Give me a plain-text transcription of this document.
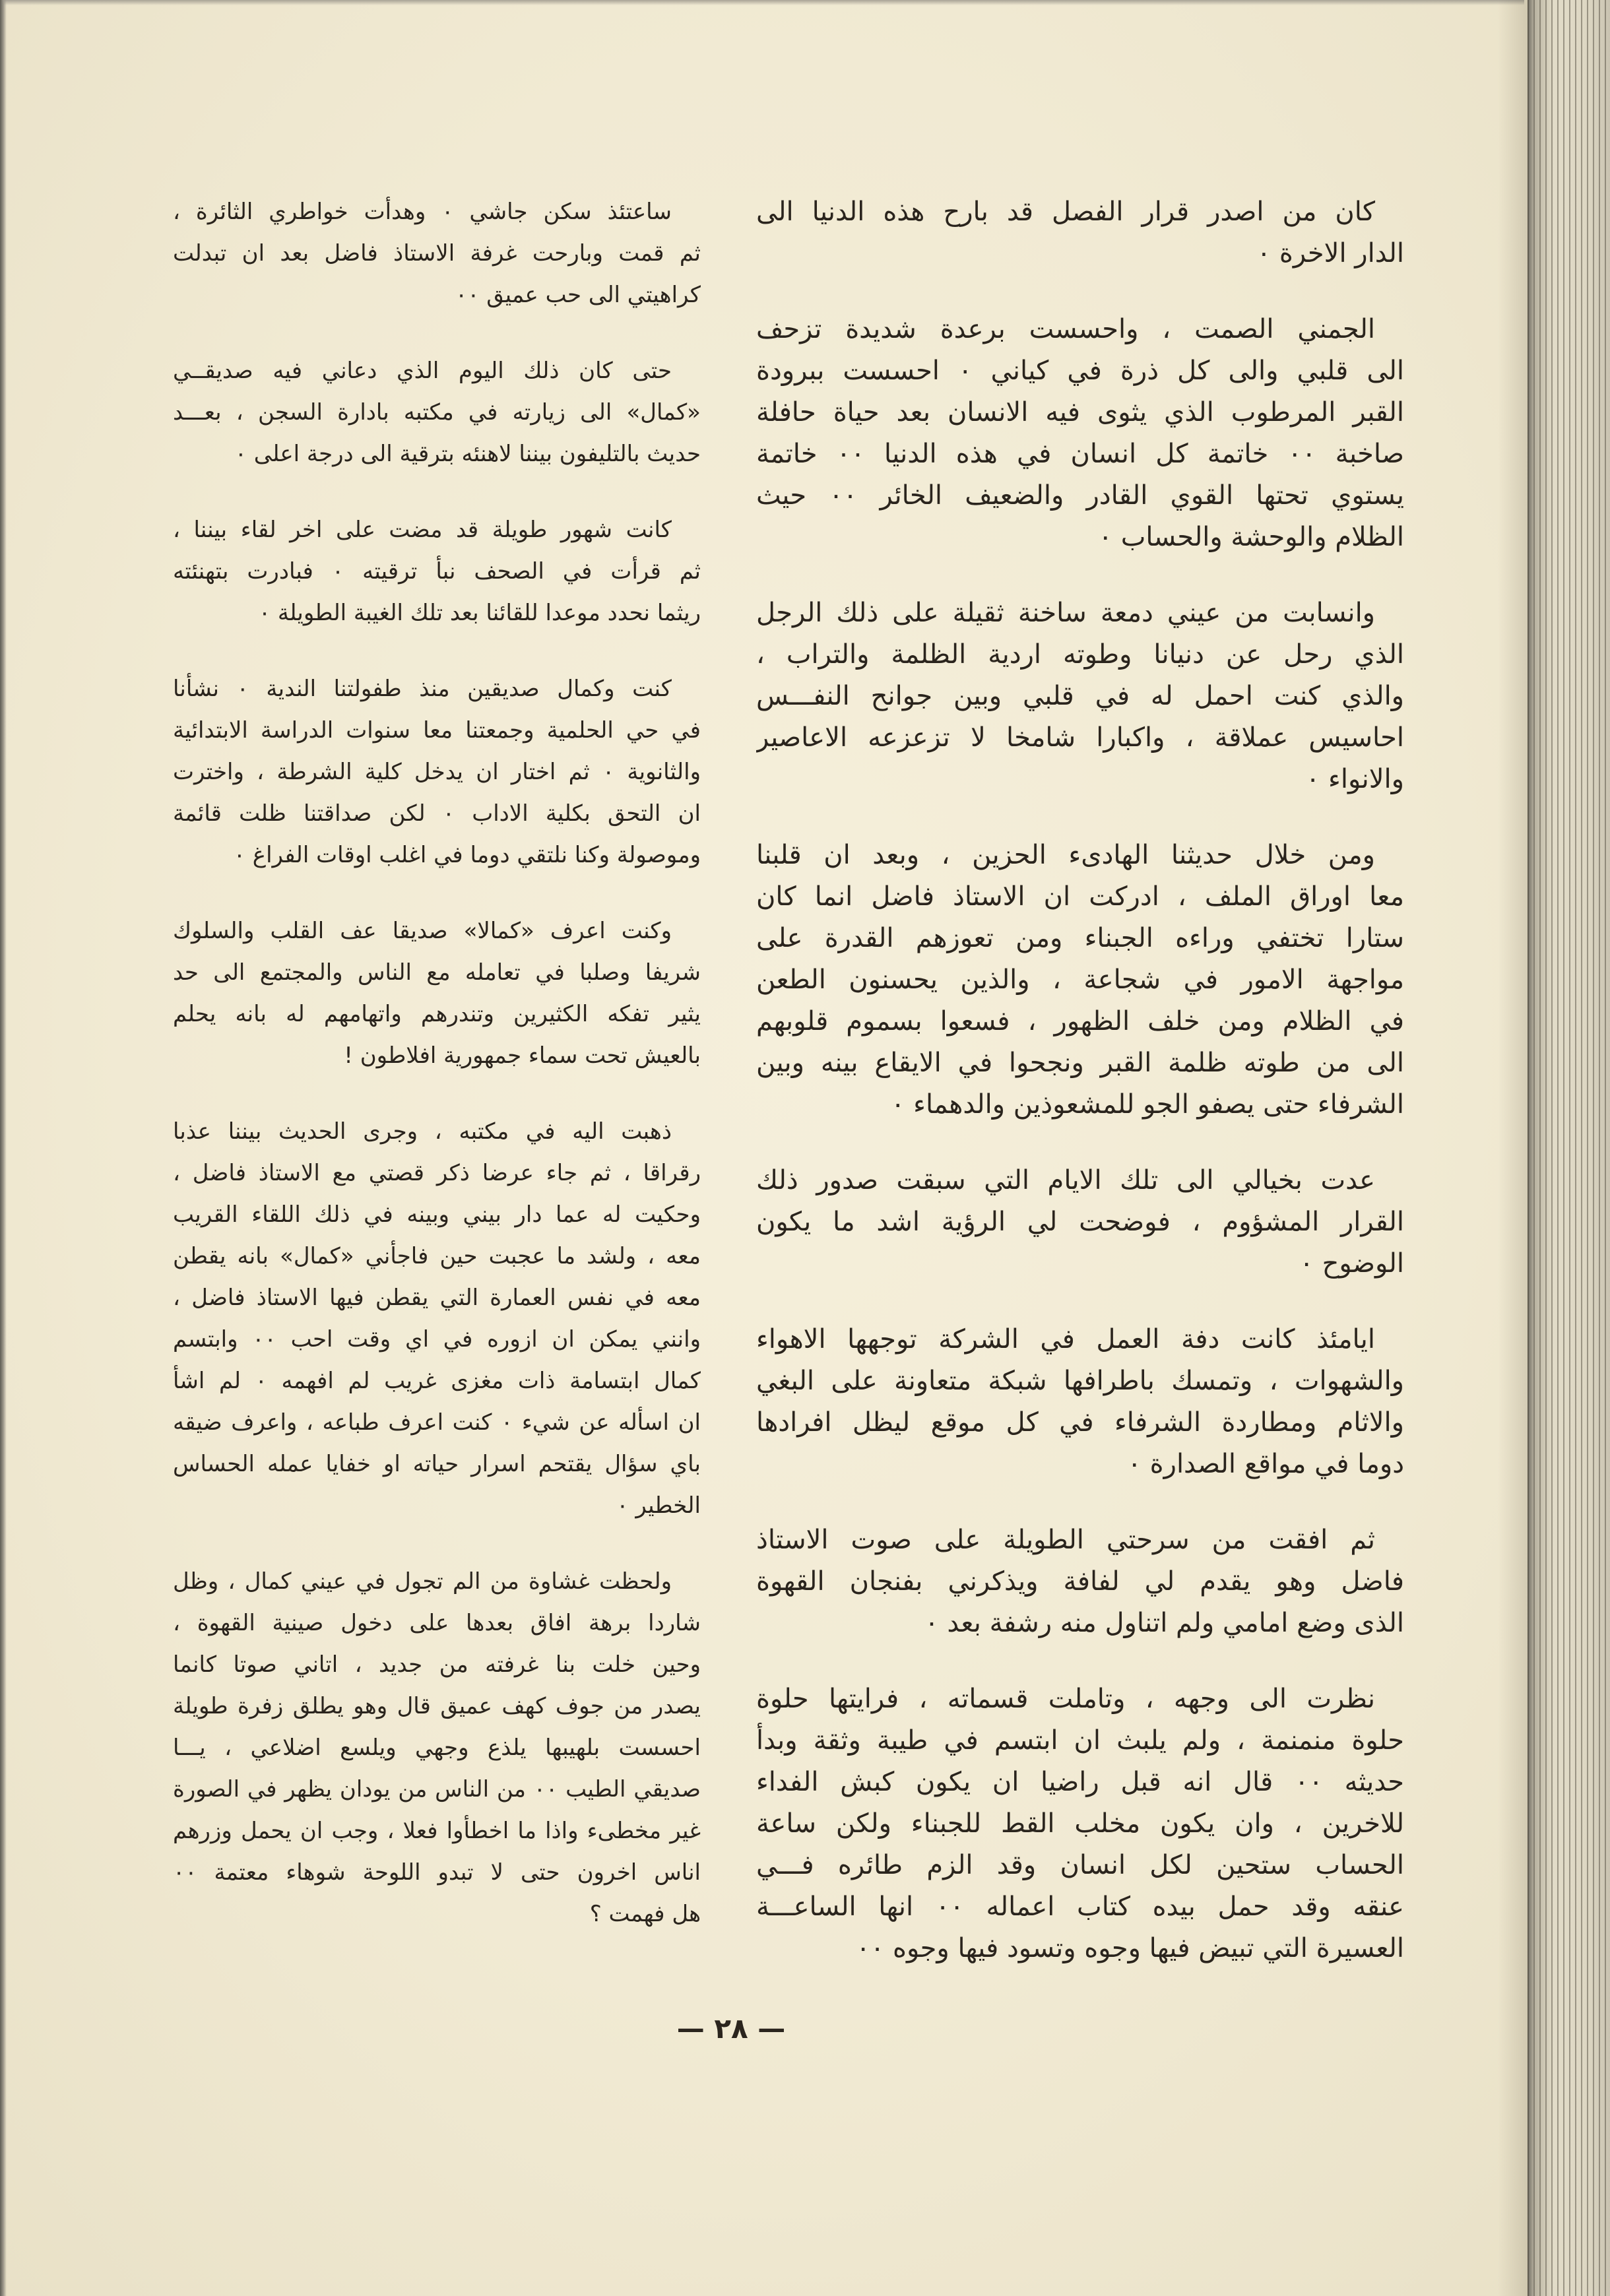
كان من اصدر قرار الفصل قد بارح هذه الدنيا الى
الدار الاخرة ٠
الجمني الصمت ، واحسست برعدة شديدة تزحف
الى قلبي والى كل ذرة في كياني ٠ احسست ببرودة
القبر المرطوب الذي يثوى فيه الانسان بعد حياة حافلة
صاخبة ٠٠ خاتمة كل انسان في هذه الدنيا ٠٠ خاتمة
يستوي تحتها القوي القادر والضعيف الخائر ٠٠ حيث
الظلام والوحشة والحساب ٠
وانسابت من عيني دمعة ساخنة ثقيلة على ذلك الرجل
الذي رحل عن دنيانا وطوته اردية الظلمة والتراب ،
والذي كنت احمل له في قلبي وبين جوانح النفـــس
احاسيس عملاقة ، واكبارا شامخا لا تزعزعه الاعاصير
والانواء ٠
ومن خلال حديثنا الهادىء الحزين ، وبعد ان قلبنا
معا اوراق الملف ، ادركت ان الاستاذ فاضل انما كان
ستارا تختفي وراءه الجبناء ومن تعوزهم القدرة على
مواجهة الامور في شجاعة ، والذين يحسنون الطعن
في الظلام ومن خلف الظهور ، فسعوا بسموم قلوبهم
الى من طوته ظلمة القبر ونجحوا في الايقاع بينه وبين
الشرفاء حتى يصفو الجو للمشعوذين والدهماء ٠
عدت بخيالي الى تلك الايام التي سبقت صدور ذلك
القرار المشؤوم ، فوضحت لي الرؤية اشد ما يكون
الوضوح ٠
ايامئذ كانت دفة العمل في الشركة توجهها الاهواء
والشهوات ، وتمسك باطرافها شبكة متعاونة على البغي
والاثام ومطاردة الشرفاء في كل موقع ليظل افرادها
دوما في مواقع الصدارة ٠
ثم افقت من سرحتي الطويلة على صوت الاستاذ
فاضل وهو يقدم لي لفافة ويذكرني بفنجان القهوة
الذى وضع امامي ولم اتناول منه رشفة بعد ٠
نظرت الى وجهه ، وتاملت قسماته ، فرايتها حلوة
حلوة منمنمة ، ولم يلبث ان ابتسم في طيبة وثقة وبدأ
حديثه ٠٠ قال انه قبل راضيا ان يكون كبش الفداء
للاخرين ، وان يكون مخلب القط للجبناء ولكن ساعة
الحساب ستحين لكل انسان وقد الزم طائره فـــي
عنقه وقد حمل بيده كتاب اعماله ٠٠ انها الساعـــة
العسيرة التي تبيض فيها وجوه وتسود فيها وجوه ٠٠
ساعتئذ سكن جاشي ٠ وهدأت خواطري الثائرة ،
ثم قمت وبارحت غرفة الاستاذ فاضل بعد ان تبدلت
كراهيتي الى حب عميق ٠٠
حتى كان ذلك اليوم الذي دعاني فيه صديقــي
«كمال» الى زيارته في مكتبه بادارة السجن ، بعـــد
حديث بالتليفون بيننا لاهنئه بترقية الى درجة اعلى ٠
كانت شهور طويلة قد مضت على اخر لقاء بيننا ،
ثم قرأت في الصحف نبأ ترقيته ٠ فبادرت بتهنئته
ريثما نحدد موعدا للقائنا بعد تلك الغيبة الطويلة ٠
كنت وكمال صديقين منذ طفولتنا الندية ٠ نشأنا
في حي الحلمية وجمعتنا معا سنوات الدراسة الابتدائية
والثانوية ٠ ثم اختار ان يدخل كلية الشرطة ، واخترت
ان التحق بكلية الاداب ٠ لكن صداقتنا ظلت قائمة
وموصولة وكنا نلتقي دوما في اغلب اوقات الفراغ ٠
وكنت اعرف «كمالا» صديقا عف القلب والسلوك
شريفا وصلبا في تعامله مع الناس والمجتمع الى حد
يثير تفكه الكثيرين وتندرهم واتهامهم له بانه يحلم
بالعيش تحت سماء جمهورية افلاطون !
ذهبت اليه في مكتبه ، وجرى الحديث بيننا عذبا
رقراقا ، ثم جاء عرضا ذكر قصتي مع الاستاذ فاضل ،
وحكيت له عما دار بيني وبينه في ذلك اللقاء القريب
معه ، ولشد ما عجبت حين فاجأني «كمال» بانه يقطن
معه في نفس العمارة التي يقطن فيها الاستاذ فاضل ،
وانني يمكن ان ازوره في اي وقت احب ٠٠ وابتسم
كمال ابتسامة ذات مغزى غريب لم افهمه ٠ لم اشأ
ان اسأله عن شيء ٠ كنت اعرف طباعه ، واعرف ضيقه
باي سؤال يقتحم اسرار حياته او خفايا عمله الحساس
الخطير ٠
ولحظت غشاوة من الم تجول في عيني كمال ، وظل
شاردا برهة افاق بعدها على دخول صينية القهوة ،
وحين خلت بنا غرفته من جديد ، اتاني صوتا كانما
يصدر من جوف كهف عميق قال وهو يطلق زفرة طويلة
احسست بلهيبها يلذع وجهي ويلسع اضلاعي ، يـــا
صديقي الطيب ٠٠ من الناس من يودان يظهر في الصورة
غير مخطىء واذا ما اخطأوا فعلا ، وجب ان يحمل وزرهم
اناس اخرون حتى لا تبدو اللوحة شوهاء معتمة ٠٠
هل فهمت ؟
— ٢٨ —
